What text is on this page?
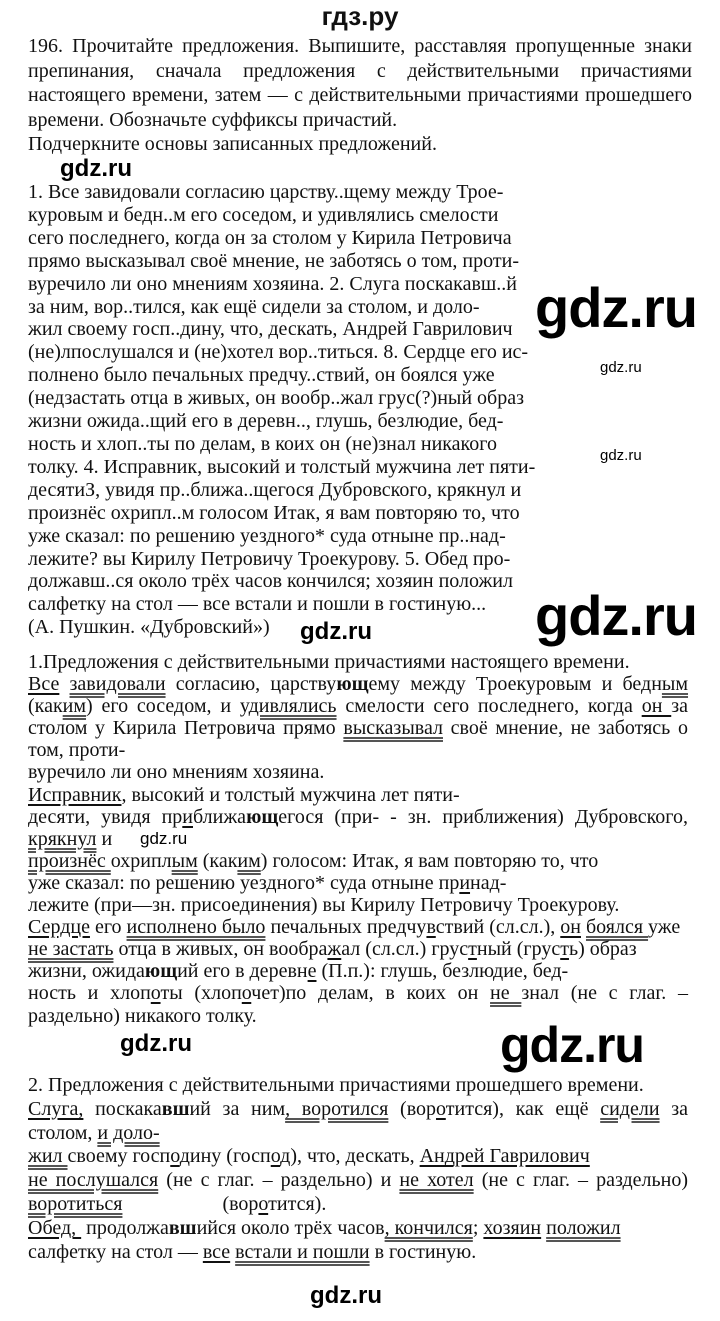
гдз.ру
196. Прочитайте предложения. Выпишите, расставляя пропущенные знаки
препинания, сначала предложения с действительными причастиями
настоящего времени, затем — с действительными причастиями прошедшего
времени. Обозначьте суффиксы причастий.
Подчеркните основы записанных предложений.
1. Все завидовали согласию царству..щему между Трое-
куровым и бедн..м его соседом, и удивлялись смелости
сего последнего, когда он за столом у Кирила Петровича
прямо высказывал своё мнение, не заботясь о том, проти-
вуречило ли оно мнениям хозяина. 2. Слуга поскакавш..й
за ним, вор..тился, как ещё сидели за столом, и доло-
жил своему госп..дину, что, дескать, Андрей Гаврилович
(не)лпослушался и (не)хотел вор..титься. 8. Сердце его ис-
полнено было печальных предчу..ствий, он боялся уже
(недзастать отца в живых, он вообр..жал грус(?)ный образ
жизни ожида..щий его в деревн.., глушь, безлюдие, бед-
ность и хлоп..ты по делам, в коих он (не)знал никакого
толку. 4. Исправник, высокий и толстый мужчина лет пяти-
десятиЗ, увидя пр..ближа..щегося Дубровского, крякнул и
произнёс охрипл..м голосом Итак, я вам повторяю то, что
уже сказал: по решению уездного* суда отныне пр..над-
лежите? вы Кирилу Петровичу Троекурову. 5. Обед про-
должавш..ся около трёх часов кончился; хозяин положил
салфетку на стол — все встали и пошли в гостиную...
(А. Пушкин. «Дубровский»)
1.Предложения с действительными причастиями настоящего времени.
Все завидовали согласию, царствующему между Троекуровым и бедным
(каким) его соседом, и удивлялись смелости сего последнего, когда он за
столом у Кирила Петровича прямо высказывал своё мнение, не заботясь о
том, проти-
вуречило ли оно мнениям хозяина.
Исправник, высокий и толстый мужчина лет пяти-
десяти, увидя приближающегося (при- - зн. приближения) Дубровского,
крякнул и
произнёс охриплым (каким) голосом: Итак, я вам повторяю то, что
уже сказал: по решению уездного* суда отныне принад-
лежите (при—зн. присоединения) вы Кирилу Петровичу Троекурову.
Сердце его исполнено было печальных предчувствий (сл.сл.), он боялся уже
не застать отца в живых, он воображал (сл.сл.) грустный (грусть) образ
жизни, ожидающий его в деревне (П.п.): глушь, безлюдие, бед-
ность и хлопоты (хлопочет)по делам, в коих он не знал (не с глаг. –
раздельно) никакого толку.
2. Предложения с действительными причастиями прошедшего времени.
Слуга, поскакавший за ним, воротился (воротится), как ещё сидели за
столом, и доло-
жил своему господину (господ), что, дескать, Андрей Гаврилович
не послушался (не с глаг. – раздельно) и не хотел (не с глаг. – раздельно)
воротиться                    (воротится).
Обед,  продолжавшийся около трёх часов, кончился; хозяин положил
салфетку на стол — все встали и пошли в гостиную.
gdz.ru
gdz.ru
gdz.ru
gdz.ru
gdz.ru
gdz.ru
gdz.ru
gdz.ru
gdz.ru
gdz.ru
